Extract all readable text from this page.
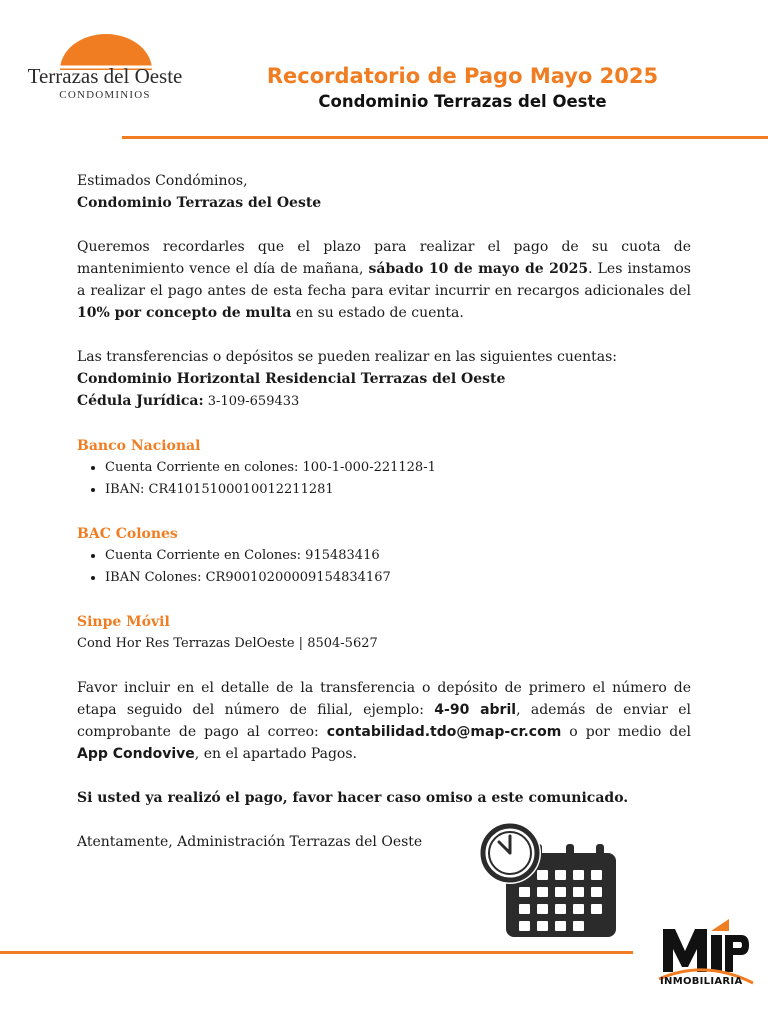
Terrazas del Oeste
CONDOMINIOS
Recordatorio de Pago Mayo 2025
Condominio Terrazas del Oeste

Estimados Condóminos,

Condominio Terrazas del Oeste

Queremos recordarles que el plazo para realizar el pago de su cuota de mantenimiento vence el día de mañana, sábado 10 de mayo de 2025. Les instamos a realizar el pago antes de esta fecha para evitar incurrir en recargos adicionales del 10% por concepto de multa en su estado de cuenta.

Las transferencias o depósitos se pueden realizar en las siguientes cuentas:

Condominio Horizontal Residencial Terrazas del Oeste

Cédula Jurídica: 3-109-659433

Banco Nacional

• Cuenta Corriente en colones: 100-1-000-221128-1
• IBAN: CR41015100010012211281

BAC Colones

• Cuenta Corriente en Colones: 915483416
• IBAN Colones: CR90010200009154834167

Sinpe Móvil

Cond Hor Res Terrazas DelOeste | 8504-5627

Favor incluir en el detalle de la transferencia o depósito de primero el número de etapa seguido del número de filial, ejemplo: 4-90 abril, además de enviar el comprobante de pago al correo: contabilidad.tdo@map-cr.com o por medio del App Condovive, en el apartado Pagos.

Si usted ya realizó el pago, favor hacer caso omiso a este comunicado.

Atentamente, Administración Terrazas del Oeste

INMOBILIARIA
